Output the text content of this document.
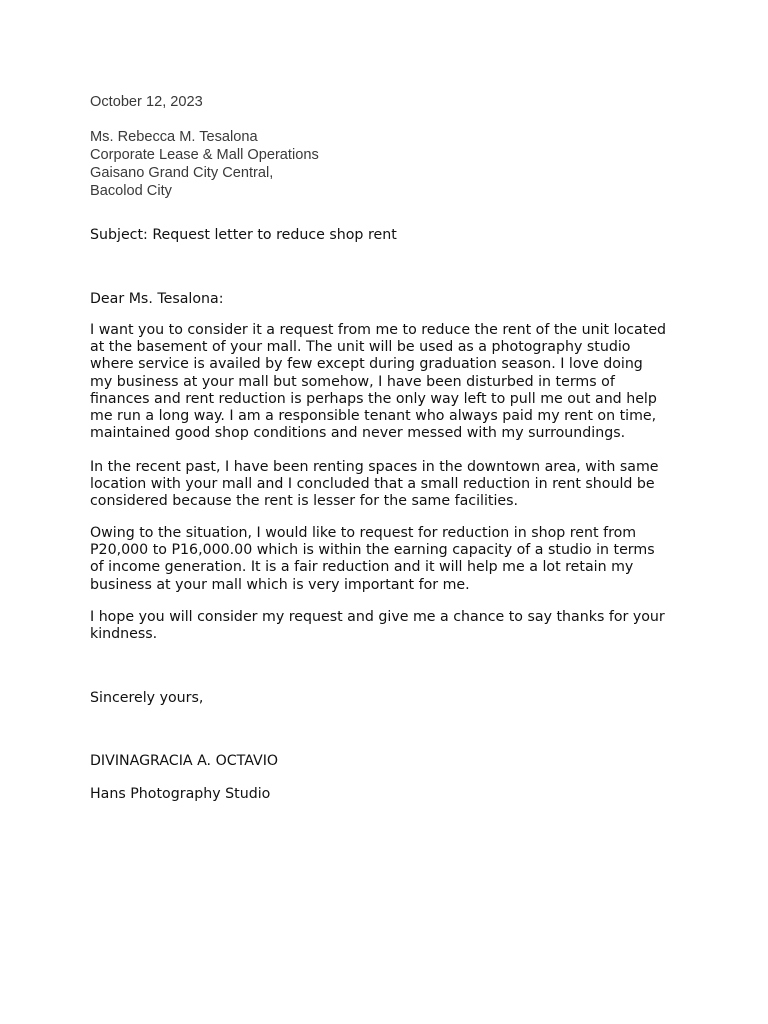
October 12, 2023
Ms. Rebecca M. Tesalona
Corporate Lease & Mall Operations
Gaisano Grand City Central,
Bacolod City
Subject: Request letter to reduce shop rent
Dear Ms. Tesalona:
I want you to consider it a request from me to reduce the rent of the unit located
at the basement of your mall. The unit will be used as a photography studio
where service is availed by few except during graduation season. I love doing
my business at your mall but somehow, I have been disturbed in terms of
finances and rent reduction is perhaps the only way left to pull me out and help
me run a long way. I am a responsible tenant who always paid my rent on time,
maintained good shop conditions and never messed with my surroundings.
In the recent past, I have been renting spaces in the downtown area, with same
location with your mall and I concluded that a small reduction in rent should be
considered because the rent is lesser for the same facilities.
Owing to the situation, I would like to request for reduction in shop rent from
P20,000 to P16,000.00 which is within the earning capacity of a studio in terms
of income generation. It is a fair reduction and it will help me a lot retain my
business at your mall which is very important for me.
I hope you will consider my request and give me a chance to say thanks for your
kindness.
Sincerely yours,
DIVINAGRACIA A. OCTAVIO
Hans Photography Studio
